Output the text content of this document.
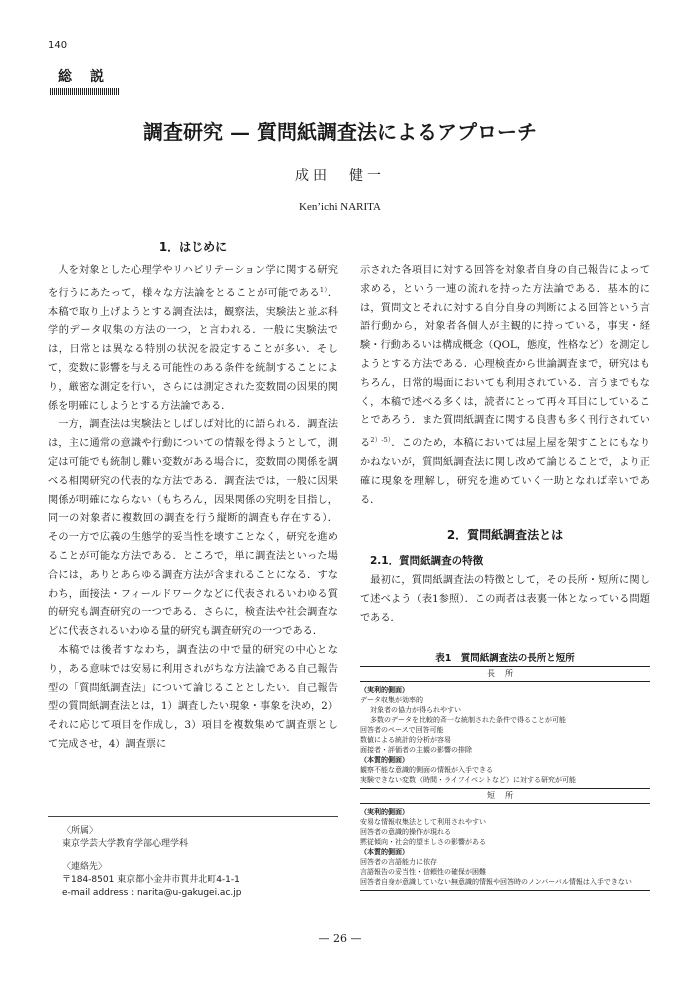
140
総説
調査研究 — 質問紙調査法によるアプローチ
成田　健一
Ken’ichi NARITA
1．はじめに

人を対象とした心理学やリハビリテーション学に関する研究を行うにあたって，様々な方法論をとることが可能である$^{1)}$．本稿で取り上げようとする調査法は，観察法，実験法と並ぶ科学的データ収集の方法の一つ，と言われる．一般に実験法では，日常とは異なる特別の状況を設定することが多い．そして，変数に影響を与える可能性のある条件を統制することにより，厳密な測定を行い，さらには測定された変数間の因果的関係を明確にしようとする方法論である．

一方，調査法は実験法としばしば対比的に語られる．調査法は，主に通常の意識や行動についての情報を得ようとして，測定は可能でも統制し難い変数がある場合に，変数間の関係を調べる相関研究の代表的な方法である．調査法では，一般に因果関係が明確にならない（もちろん，因果関係の究明を目指し，同一の対象者に複数回の調査を行う縦断的調査も存在する）．その一方で広義の生態学的妥当性を壊すことなく，研究を進めることが可能な方法である．ところで，単に調査法といった場合には，ありとあらゆる調査方法が含まれることになる．すなわち，面接法・フィールドワークなどに代表されるいわゆる質的研究も調査研究の一つである．さらに，検査法や社会調査などに代表されるいわゆる量的研究も調査研究の一つである．

本稿では後者すなわち，調査法の中で量的研究の中心となり，ある意味では安易に利用されがちな方法論である自己報告型の「質問紙調査法」について論じることとしたい．自己報告型の質問紙調査法とは，1）調査したい現象・事象を決め，2）それに応じて項目を作成し，3）項目を複数集めて調査票として完成させ，4）調査票に

示された各項目に対する回答を対象者自身の自己報告によって求める，という一連の流れを持った方法論である．基本的には，質問文とそれに対する自分自身の判断による回答という言語行動から，対象者各個人が主観的に持っている，事実・経験・行動あるいは構成概念（QOL，態度，性格など）を測定しようとする方法である．心理検査から世論調査まで，研究はもちろん，日常的場面においても利用されている．言うまでもなく，本稿で述べる多くは，読者にとって再々耳目にしていることであろう．また質問紙調査に関する良書も多く刊行されている$^{2)-5)}$．このため，本稿においては屋上屋を架すことにもなりかねないが，質問紙調査法に関し改めて論じることで，より正確に現象を理解し，研究を進めていく一助となれば幸いである．

2．質問紙調査法とは
2.1．質問紙調査の特徴

最初に，質問紙調査法の特徴として，その長所・短所に関して述べよう（表1参照）．この両者は表裏一体となっている問題である．

表1　質問紙調査法の長所と短所
長所
（実利的側面）
データ収集が効率的
対象者の協力が得られやすい
多数のデータを比較的斉一な統制された条件で得ることが可能
回答者のペースで回答可能
数値による統計的分析が容易
面接者・評価者の主観の影響の排除
（本質的側面）
観察不能な意識的側面の情報が入手できる
実験できない変数（時間・ライフイベントなど）に対する研究が可能
短所
（実利的側面）
安易な情報収集法として利用されやすい
回答者の意識的操作が現れる
黙従傾向・社会的望ましさの影響がある
（本質的側面）
回答者の言語能力に依存
言語報告の妥当性・信頼性の確保が困難
回答者自身が意識していない無意識的情報や回答時のノンバーバル情報は入手できない
〈所属〉
東京学芸大学教育学部心理学科
〈連絡先〉
〒184-8501 東京都小金井市貫井北町4-1-1
e-mail address : narita@u-gakugei.ac.jp
— 26 —
